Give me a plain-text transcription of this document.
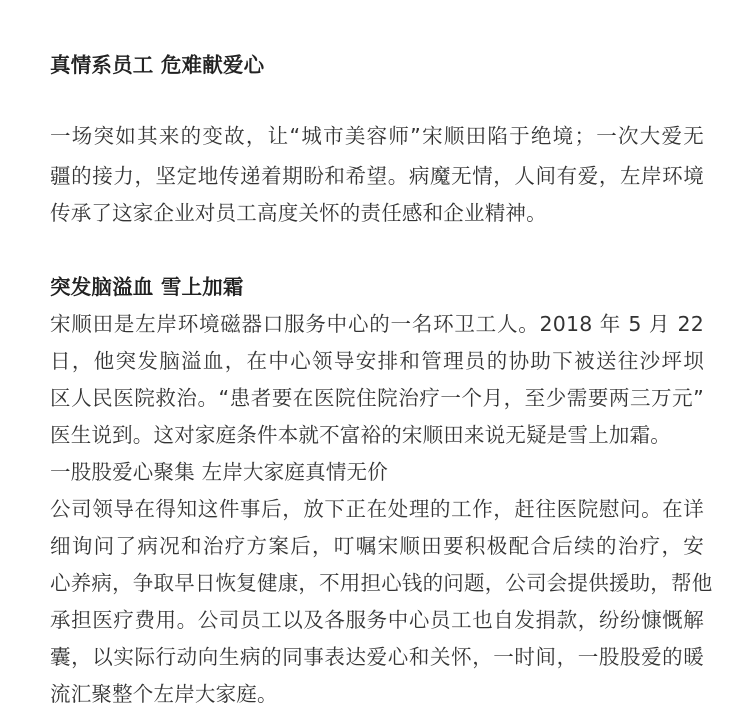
真情系员工 危难献爱心
一场突如其来的变故，让“城市美容师”宋顺田陷于绝境；一次大爱无
疆的接力，坚定地传递着期盼和希望。病魔无情，人间有爱，左岸环境
传承了这家企业对员工高度关怀的责任感和企业精神。
突发脑溢血 雪上加霜
宋顺田是左岸环境磁器口服务中心的一名环卫工人。2018 年 5 月 22
日，他突发脑溢血，在中心领导安排和管理员的协助下被送往沙坪坝
区人民医院救治。“患者要在医院住院治疗一个月，至少需要两三万元”
医生说到。这对家庭条件本就不富裕的宋顺田来说无疑是雪上加霜。
一股股爱心聚集 左岸大家庭真情无价
公司领导在得知这件事后，放下正在处理的工作，赶往医院慰问。在详
细询问了病况和治疗方案后，叮嘱宋顺田要积极配合后续的治疗，安
心养病，争取早日恢复健康，不用担心钱的问题，公司会提供援助，帮他
承担医疗费用。公司员工以及各服务中心员工也自发捐款，纷纷慷慨解
囊，以实际行动向生病的同事表达爱心和关怀，一时间，一股股爱的暖
流汇聚整个左岸大家庭。
